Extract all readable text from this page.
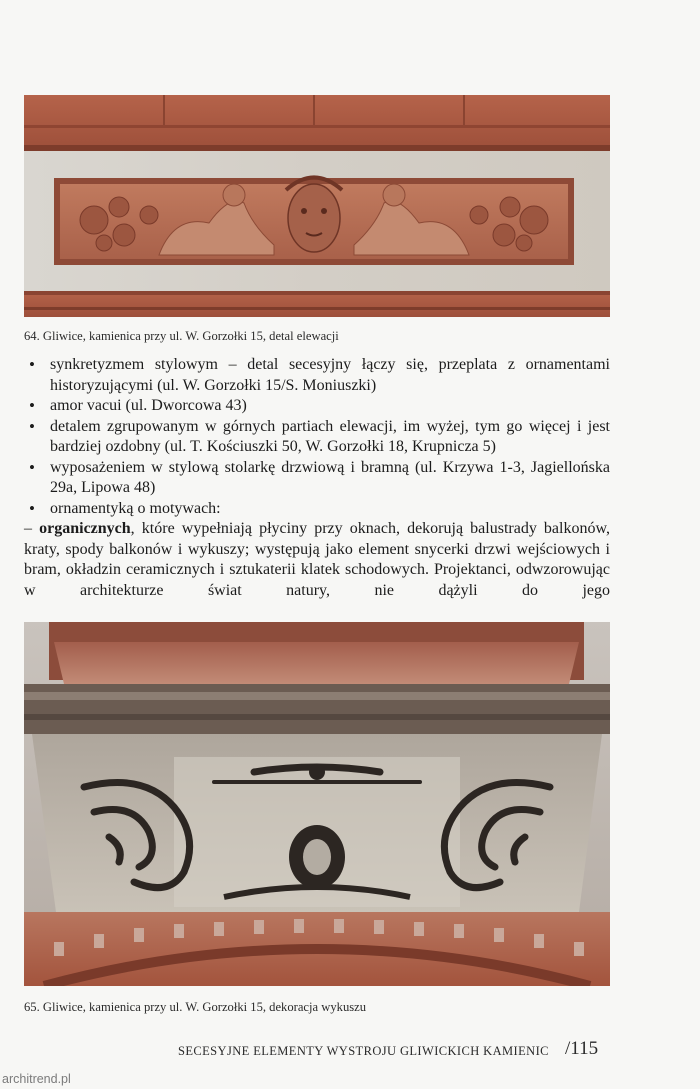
64. Gliwice, kamienica przy ul. W. Gorzołki 15, detal elewacji
• synkretyzmem stylowym – detal secesyjny łączy się, przeplata z ornamentami historyzującymi (ul. W. Gorzołki 15/S. Moniuszki)
• amor vacui (ul. Dworcowa 43)
• detalem zgrupowanym w górnych partiach elewacji, im wyżej, tym go więcej i jest bardziej ozdobny (ul. T. Kościuszki 50, W. Gorzołki 18, Krupnicza 5)
• wyposażeniem w stylową stolarkę drzwiową i bramną (ul. Krzywa 1-3, Jagiellońska 29a, Lipowa 48)
• ornamentyką o motywach:

– organicznych, które wypełniają płyciny przy oknach, dekorują balustrady balkonów, kraty, spody balkonów i wykuszy; występują jako element snycerki drzwi wejściowych i bram, okładzin ceramicznych i sztukaterii klatek schodowych. Projektanci, odwzorowując w architekturze świat natury, nie dążyli do jego

65. Gliwice, kamienica przy ul. W. Gorzołki 15, dekoracja wykuszu
SECESYJNE ELEMENTY WYSTROJU GLIWICKICH KAMIENIC /115
architrend.pl
